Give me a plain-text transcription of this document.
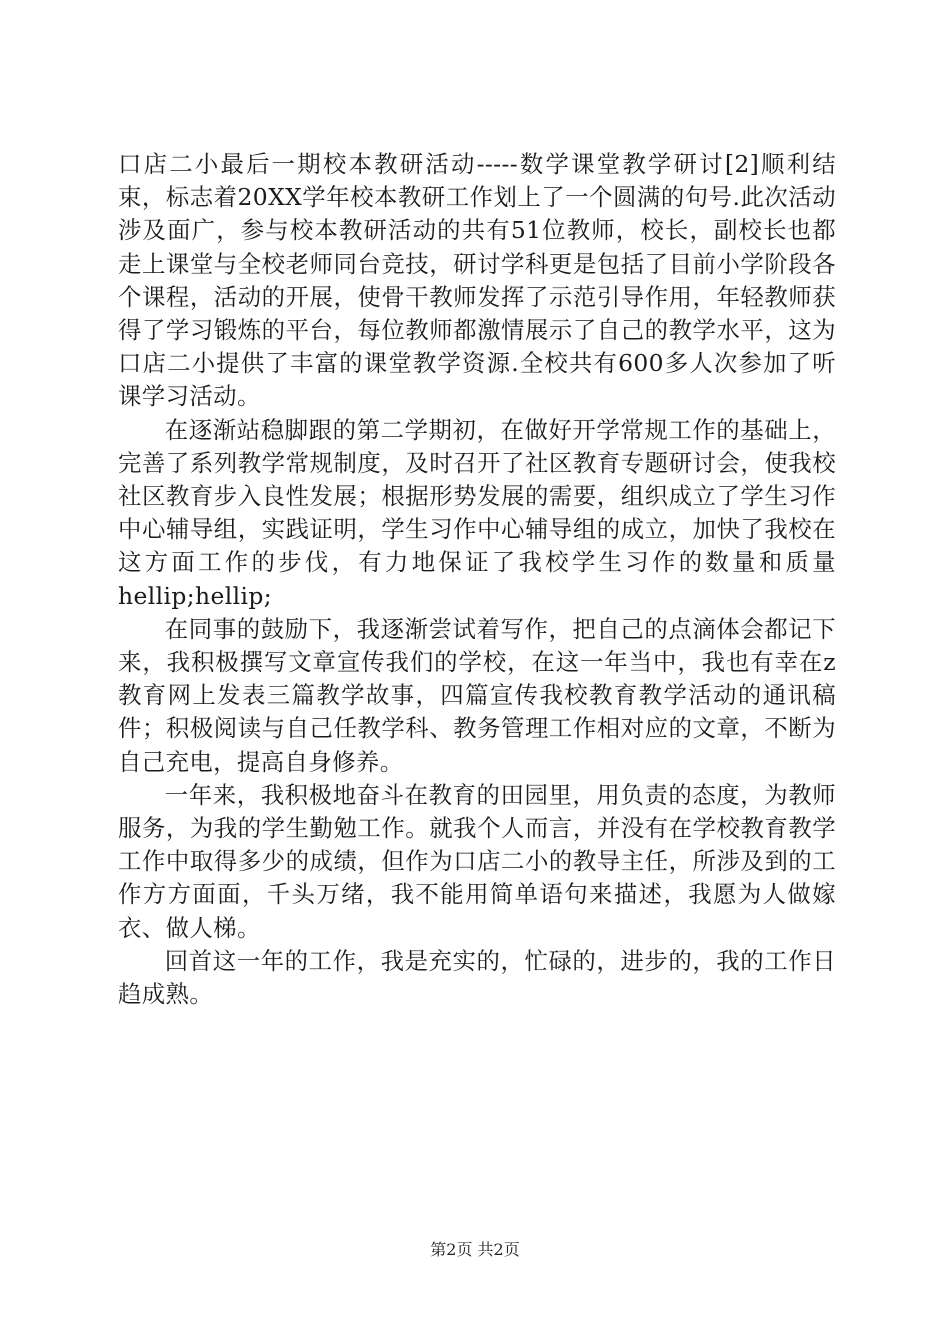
口店二小最后一期校本教研活动-----数学课堂教学研讨[2]顺利结束，标志着20XX学年校本教研工作划上了一个圆满的句号.此次活动涉及面广，参与校本教研活动的共有51位教师，校长，副校长也都走上课堂与全校老师同台竞技，研讨学科更是包括了目前小学阶段各个课程，活动的开展，使骨干教师发挥了示范引导作用，年轻教师获得了学习锻炼的平台，每位教师都激情展示了自己的教学水平，这为口店二小提供了丰富的课堂教学资源.全校共有600多人次参加了听课学习活动。

在逐渐站稳脚跟的第二学期初，在做好开学常规工作的基础上，完善了系列教学常规制度，及时召开了社区教育专题研讨会，使我校社区教育步入良性发展；根据形势发展的需要，组织成立了学生习作中心辅导组，实践证明，学生习作中心辅导组的成立，加快了我校在这方面工作的步伐，有力地保证了我校学生习作的数量和质量hellip;hellip;

在同事的鼓励下，我逐渐尝试着写作，把自己的点滴体会都记下来，我积极撰写文章宣传我们的学校，在这一年当中，我也有幸在z教育网上发表三篇教学故事，四篇宣传我校教育教学活动的通讯稿件；积极阅读与自己任教学科、教务管理工作相对应的文章，不断为自己充电，提高自身修养。

一年来，我积极地奋斗在教育的田园里，用负责的态度，为教师服务，为我的学生勤勉工作。就我个人而言，并没有在学校教育教学工作中取得多少的成绩，但作为口店二小的教导主任，所涉及到的工作方方面面，千头万绪，我不能用简单语句来描述，我愿为人做嫁衣、做人梯。

回首这一年的工作，我是充实的，忙碌的，进步的，我的工作日趋成熟。

第2页 共2页
